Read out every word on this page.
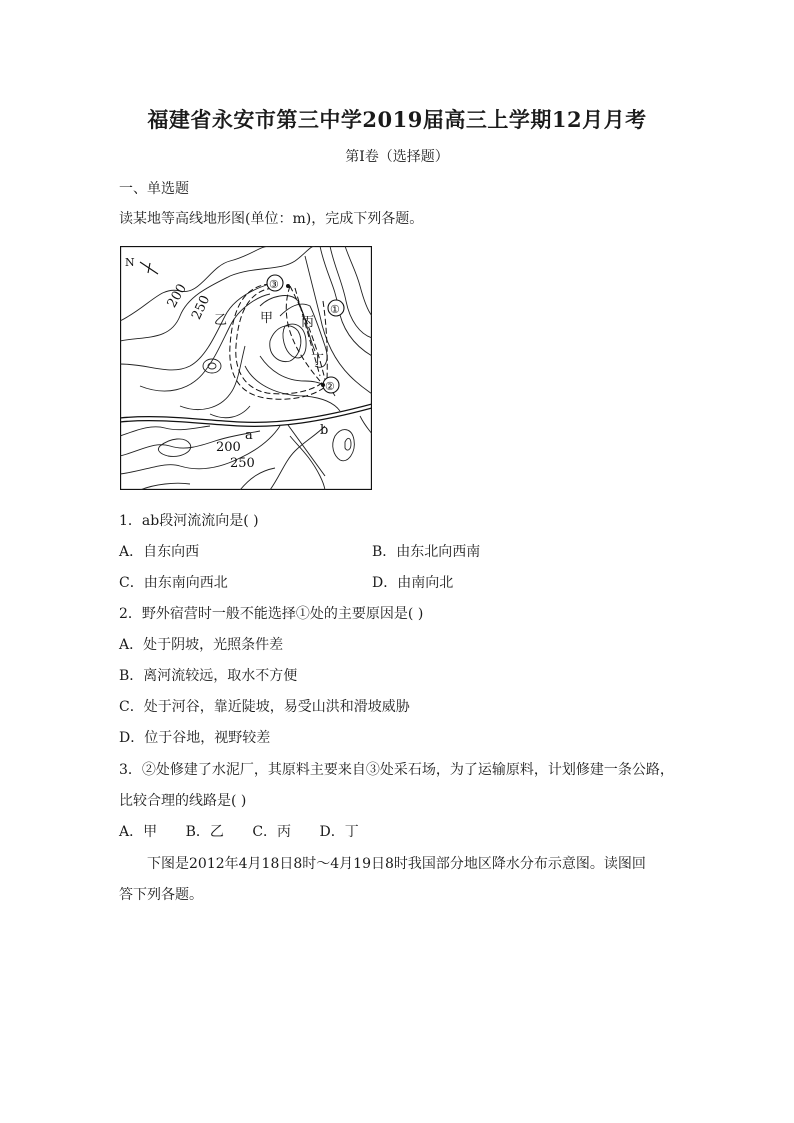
福建省永安市第三中学2019届高三上学期12月月考
第Ⅰ卷（选择题）
一、单选题
读某地等高线地形图(单位：m)，完成下列各题。
N
200 250
200
250
甲
乙	丙
丁
①
②
③
a	b
1．ab段河流流向是( )
A．自东向西	B．由东北向西南
C．由东南向西北	D．由南向北
2．野外宿营时一般不能选择①处的主要原因是( )
A．处于阴坡，光照条件差
B．离河流较远，取水不方便
C．处于河谷，靠近陡坡，易受山洪和滑坡威胁
D．位于谷地，视野较差
3．②处修建了水泥厂，其原料主要来自③处采石场，为了运输原料，计划修建一条公路，
比较合理的线路是( )
A．甲 B．乙 C．丙 D．丁
下图是2012年4月18日8时～4月19日8时我国部分地区降水分布示意图。读图回
答下列各题。
